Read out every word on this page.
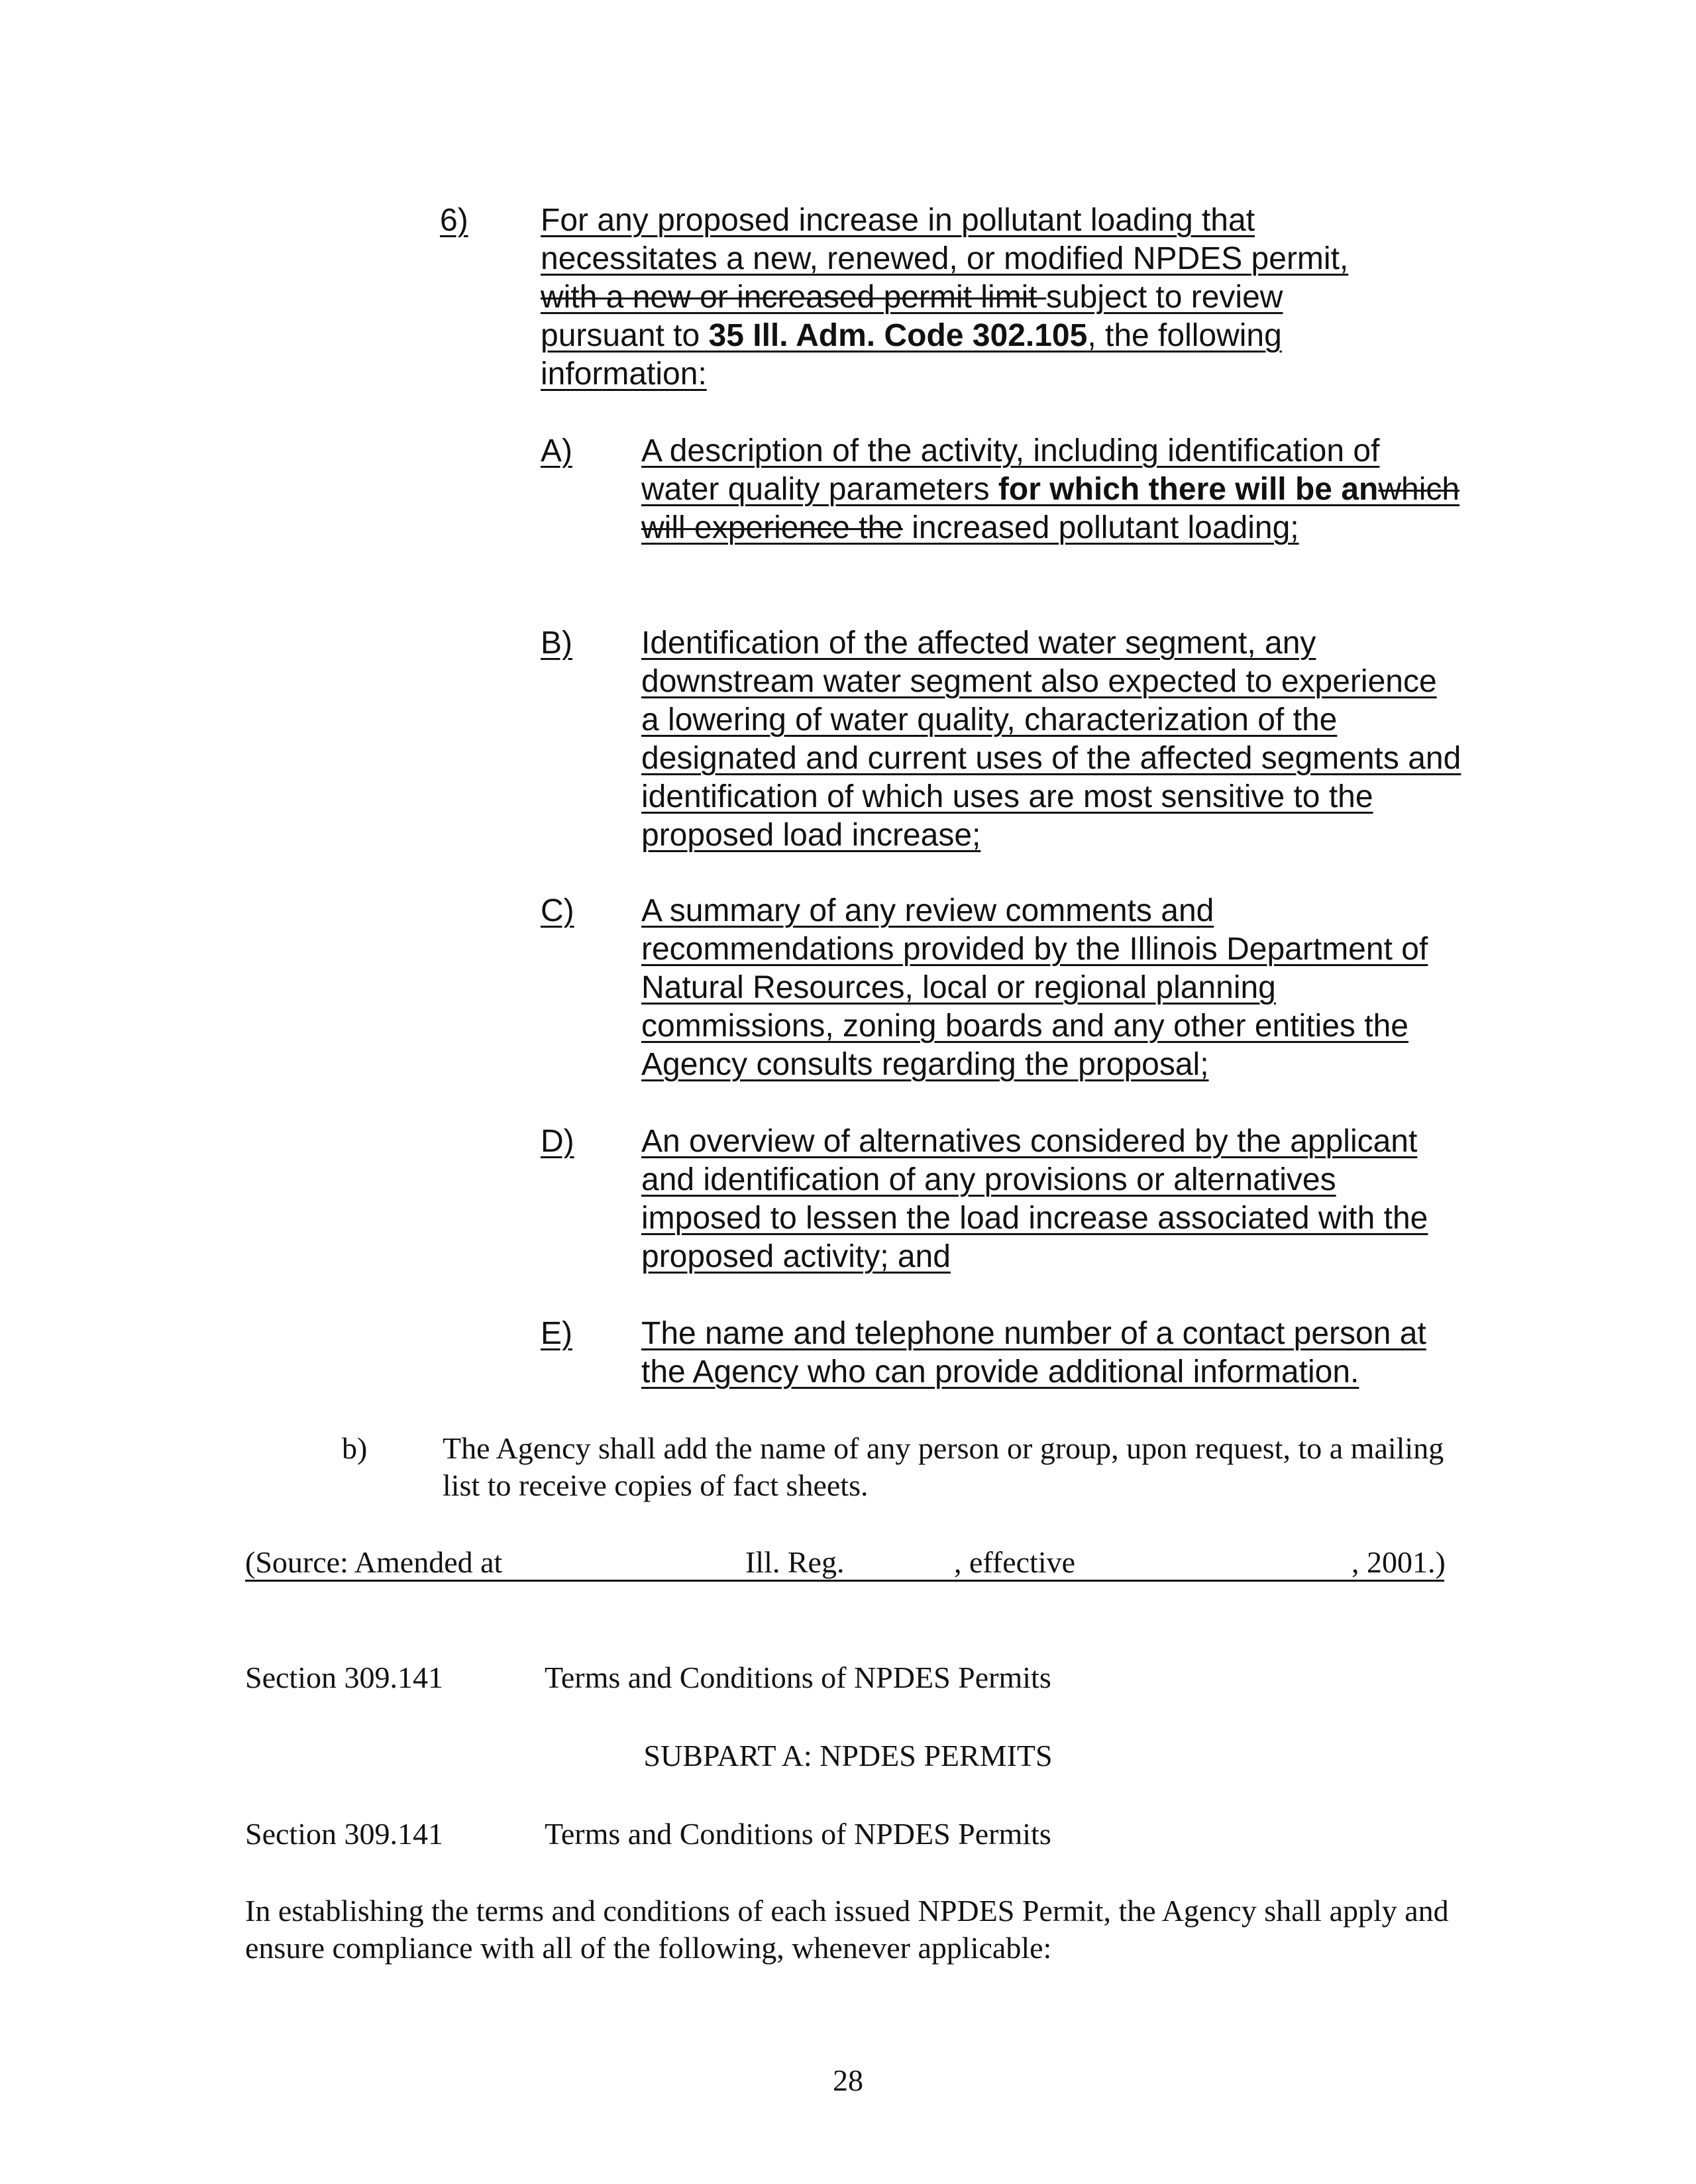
6)	For any proposed increase in pollutant loading that necessitates a new, renewed, or modified NPDES permit, with a new or increased permit limit subject to review pursuant to 35 Ill. Adm. Code 302.105, the following information:
A)	A description of the activity, including identification of water quality parameters for which there will be anwhich will experience the increased pollutant loading;
B)	Identification of the affected water segment, any downstream water segment also expected to experience a lowering of water quality, characterization of the designated and current uses of the affected segments and identification of which uses are most sensitive to the proposed load increase;
C)	A summary of any review comments and recommendations provided by the Illinois Department of Natural Resources, local or regional planning commissions, zoning boards and any other entities the Agency consults regarding the proposal;
D)	An overview of alternatives considered by the applicant and identification of any provisions or alternatives imposed to lessen the load increase associated with the proposed activity; and
E)	The name and telephone number of a contact person at the Agency who can provide additional information.
b) The Agency shall add the name of any person or group, upon request, to a mailing list to receive copies of fact sheets.
(Source: Amended at	Ill. Reg.	, effective	, 2001.)
Section 309.141	Terms and Conditions of NPDES Permits
SUBPART A: NPDES PERMITS
Section 309.141	Terms and Conditions of NPDES Permits
In establishing the terms and conditions of each issued NPDES Permit, the Agency shall apply and ensure compliance with all of the following, whenever applicable:
28
